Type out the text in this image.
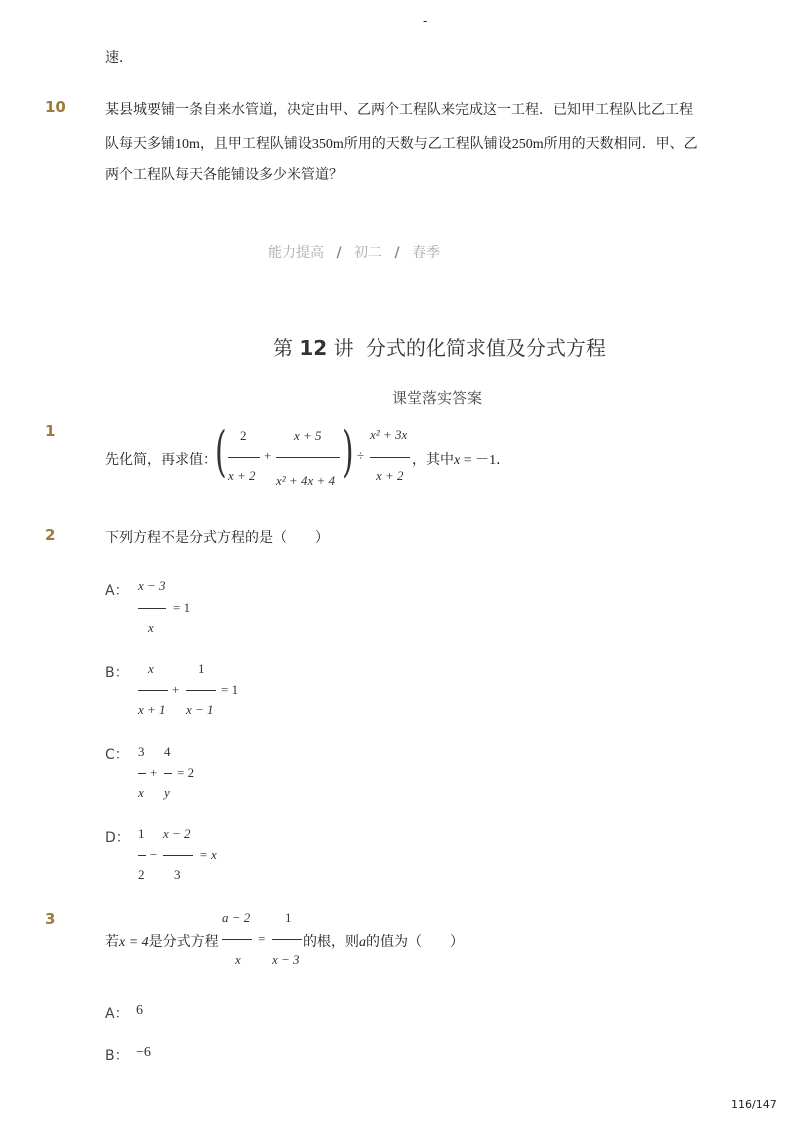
-
速．
10	某县城要铺一条自来水管道，决定由甲、乙两个工程队来完成这一工程．已知甲工程队比乙工程
队每天多铺10m，且甲工程队铺设350m所用的天数与乙工程队铺设250m所用的天数相同．甲、乙
两个工程队每天各能铺设多少米管道？
能力提高 / 初二 / 春季
第 12 讲 分式的化简求值及分式方程
课堂落实答案
1
先化简，再求值：
( 2
x + 2
+
x + 5
x² + 4x + 4 ) ÷
x² + 3x
x + 2
，其中x = －1．
2	下列方程不是分式方程的是（　　）
A： x − 3
= 1
x
B： x	1
+	= 1
x + 1 x − 1
C： 3 4
+ = 2
x y
D： 1 x − 2
−	= x
2 3
3	a − 2	1
若x = 4是分式方程	=	的根，则a的值为（　　）
x x − 3
A： 6
B： −6
116/147
